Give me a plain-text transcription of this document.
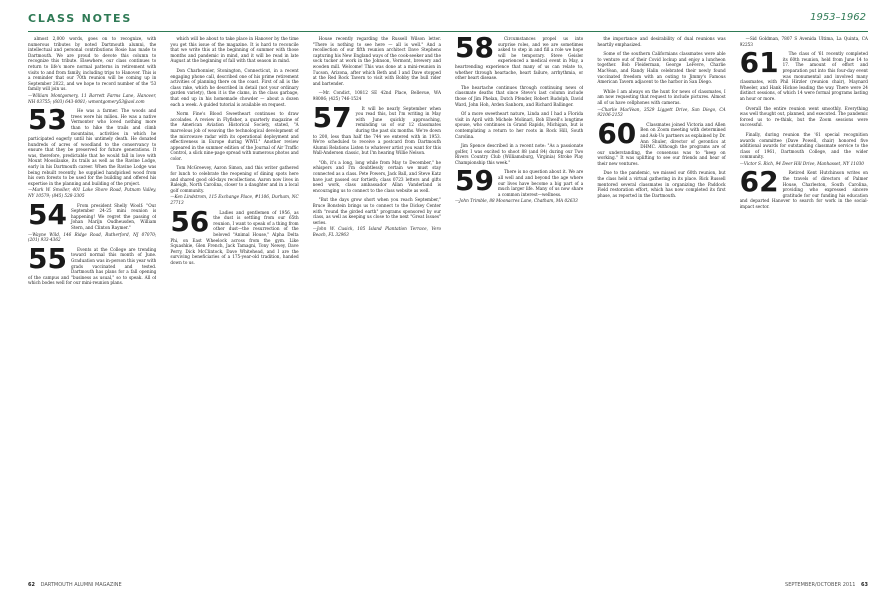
CLASS NOTES	1953–1962

almost 2,000 words, goes on to recognize, with numerous tributes by noted Dartmouth alumni, the intellectual and personal contributions Rosie has made to Dartmouth. We are proud to devote this column to recognize this tribute. Elsewhere, our class continues to return to life's more normal patterns in retirement with visits to and from family, including trips to Hanover. This is a reminder that our 70th reunion will be coming up in September 2022, and we hope to record number of the '53 family will join us.

—William Montgomery, 11 Barrett Farms Lane, Hanover, NH 03755; (603) 643-0081; wmontgomery53@aol.com
53	He was a farmer. The woods and trees were his milieu. He was a native Vermonter who loved nothing more than to hike the trails and climb mountains, activities in which he participated eagerly until his untimely death. He donated hundreds of acres of woodland to the conservancy to ensure that they be preserved for future generations. It was, therefore, predictable that he would fall in love with Mount Moosilauke, its trails as well as the Ravine Lodge, early in his Dartmouth career. When the Ravine Lodge was being rebuilt recently, he supplied handpicked wood from his own forests to be used for the building and offered his expertise in the planning and building of the project.

—Mark W. Smoller, 401 Lake Shore Road, Putnam Valley, NY 10579; (845) 528-3305
54	From president Shelly Woolf: "Our September 24-25 mini reunion is happening! We regret the passing of Johan Marijn Oudheusden, William Stern, and Clinton Raymer."

—Wayne Wild, 146 Ridge Road, Rutherford, NJ 07070; (201) 933-4362
55	Events at the College are trending toward normal this month of June. Graduation was in-person this year with grads vaccinated and tested. Dartmouth has plans for a fall opening of the campus and "business as usual," so to speak. All of which bodes well for our mini-reunion plans.

which will be about to take place in Hanover by the time you get this issue of the magazine. It is hard to reconcile that we write this at the beginning of summer with those months and pandemic in mind, and it will be read in late August at the beginning of fall with that season in mind.

Don Charbonnier, Stonington, Connecticut, in a recent engaging phone call, described one of his prime retirement activities of planning there on the coast. First of all is the class rake, which he described in detail (not your ordinary garden variety), then it is the clams, in the class garbage, that end up in his homemade chowder — about a dozen each a week. A guided tutorial is available on request.

Norm Fine's Blood Sweetheart continues to draw accolades. A review in Flyfisher, a quarterly magazine of the American Aviation Historical Society, stated, "A marvelous job of weaving the technological development of the microwave radar with its operational deployment and effectiveness in Europe during WWII." Another review appeared in the summer edition of the Journal of Air Traffic Control, a slick nine-page spread with numerous photos and color.

Tom McGreevey, Aaron Simon, and this writer gathered for lunch to celebrate the reopening of dining spots here and shared good old-days recollections. Aaron now lives in Raleigh, North Carolina, closer to a daughter and in a local golf community.

—Ken Lindstrom, 115 Exchange Place, #1106, Durham, NC 27713
56	Ladies and gentlemen of 1956, as the dust is settling from our 65th reunion, I want to speak of a thing from other dust—the resurrection of the beloved "Animal House," Alpha Delta Phi, on East Wheelock across from the gym. Like Squashkie, Glen French, Jack Tamagni, Tony Newey, Dave Perry, Dick McClintock, Dave Whitehead, and I are the surviving beneficiaries of a 175-year-old tradition, handed down to us.

House recently regarding the Russell Wilson letter. "There is nothing to see here — all is well." And a recollection of our fifth reunion architect Dave Stephens capturing his New England ways of the cook-seeker and the sock tucker at work in the Johnson, Vermont, brewery and wooden mill. Welcome! This was done at a mini-reunion in Tucson, Arizona, after which Beth and I and Dave stopped at the Red Rock Tavern to visit with Bobby the bull rider and bartender.

—Mr. Condict, 10812 SE 42nd Place, Bellevue, WA 98006; (425) 746-1524

57	It will be nearly September when you read this, but I'm writing in May with June quickly approaching, reminding us of our 12 classmates during the past six months. We're down to 200, less than half the 744 we entered with in 1953. We're scheduled to receive a postcard from Dartmouth Alumni Relations Listen to whatever artist you want for this Wall-Andersen classic, but I'm hearing Willie Nelson.

"Oh, it's a long, long while from May to December," he whispers and I'm doubtlessly certain we must stay connected as a class. Pete Powers, Jack Ball, and Steve Katz have just passed our fortieth; class 0723 letters and gifts need work, class ambassador Allan Vanderland is encouraging us to connect to the class website as well.

"But the days grow short when you reach September," Bruce Bonstein brings us to connect to the Dickey Center with "round the girded earth" programs sponsored by our class, as well as keeping us close to the next "Great Issues" series.

—John W. Cusick, 105 Island Plantation Terrace, Vero Beach, FL 32963
58	Circumstances propel us into surprise roles, and we are sometimes asked to step in and fill a role we hope will be temporary. Steve Geisler experienced a medical event in May, a heartrending experience that many of us can relate to, whether through heartache, heart failure, arrhythmia, or other heart disease.

The heartache continues through continuing news of classmate deaths that since Steve's last column include those of Jim Phelan, Dutch Pfender, Robert Rudolph, David Ward, John Hoh, Arden Sanborn, and Richard Ballinger.

Of a more sweetheart nature, Linda and I had a Florida visit in April with Michele Molinari, Bob Elwell's longtime spouse, who continues in Grand Rapids, Michigan, but is contemplating a return to her roots in Rock Hill, South Carolina.

Jim Spence described in a recent note: "As a passionate golfer, I was excited to shoot 88 (and 84) during our Two Rivers Country Club (Williamsburg, Virginia) Stroke Play Championship this week."

59	There is no question about it. We are all well and and beyond the age where our lives have become a big part of a much larger life. Many of us now share a common interest—wellness.

—John Trimble, 88 Moonacres Lane, Chatham, MA 02633

the importance and desirability of dual reunions was heartily emphasized.

Some of the southern Californians classmates were able to venture out of their Covid lockup and enjoy a luncheon together. Bob Fleiderman, George LeFevre, Charlie MacVean, and Randy Halin celebrated their newly found vaccinated freedom with an outing to Jimmy's Famous American Tavern adjacent to the harbor in San Diego.

While I am always on the hunt for news of classmates, I am now requesting that request to include pictures. Almost all of us have cellphones with cameras.

—Charlie MacVean, 3529 Liggett Drive, San Diego, CA 92106-2153
60	Classmates joined Victoria and Allen Ben on Zoom meeting with determined and Ask-Us partners as explained by Dr. Ann Shuler, director of gerontics at DHMC. Although the programs are of our understanding, the consensus was to "keep on working." It was uplifting to see our friends and hear of their new ventures.

Due to the pandemic, we missed our 60th reunion, but the class held a virtual gathering in its place. Rick Russell mentored several classmates in organizing the Paddock Field restoration effort, which has now completed its first phase, as reported in the Dartmouth.

—Sid Goldman, 7807 S Avenida Ultima, La Quinta, CA 92253

61	The class of '61 recently completed its 60th reunion, held from June 14 to 17. The amount of effort and preparation put into this four-day event was monumental and involved many classmates, with Phil Hirzler (reunion chair), Maynard Wheeler, and Hank Hickoe leading the way. There were 24 distinct sessions, of which 14 were formal programs lasting an hour or more.

Overall the entire reunion went smoothly. Everything was well thought out, planned, and executed. The pandemic forced us to re-think, but the Zoom sessions were successful.

Finally, during reunion the '61 special recognition awards committee (Dave Powell, chair) honored five additional awards for outstanding classmate service to the class of 1961, Dartmouth College, and the wider community.

—Victor S. Rich, 94 Deer Hill Drive, Manhasset, NY 11030
62	Retired Kent Hutchinson writes on the travels of directors of Palmer House, Charleston, South Carolina, providing who expressed sincere gratitude for our funding his education and departed Hanover to search for work in the social-impact sector.

62 DARTMOUTH ALUMNI MAGAZINE	SEPTEMBER/OCTOBER 2011 63
